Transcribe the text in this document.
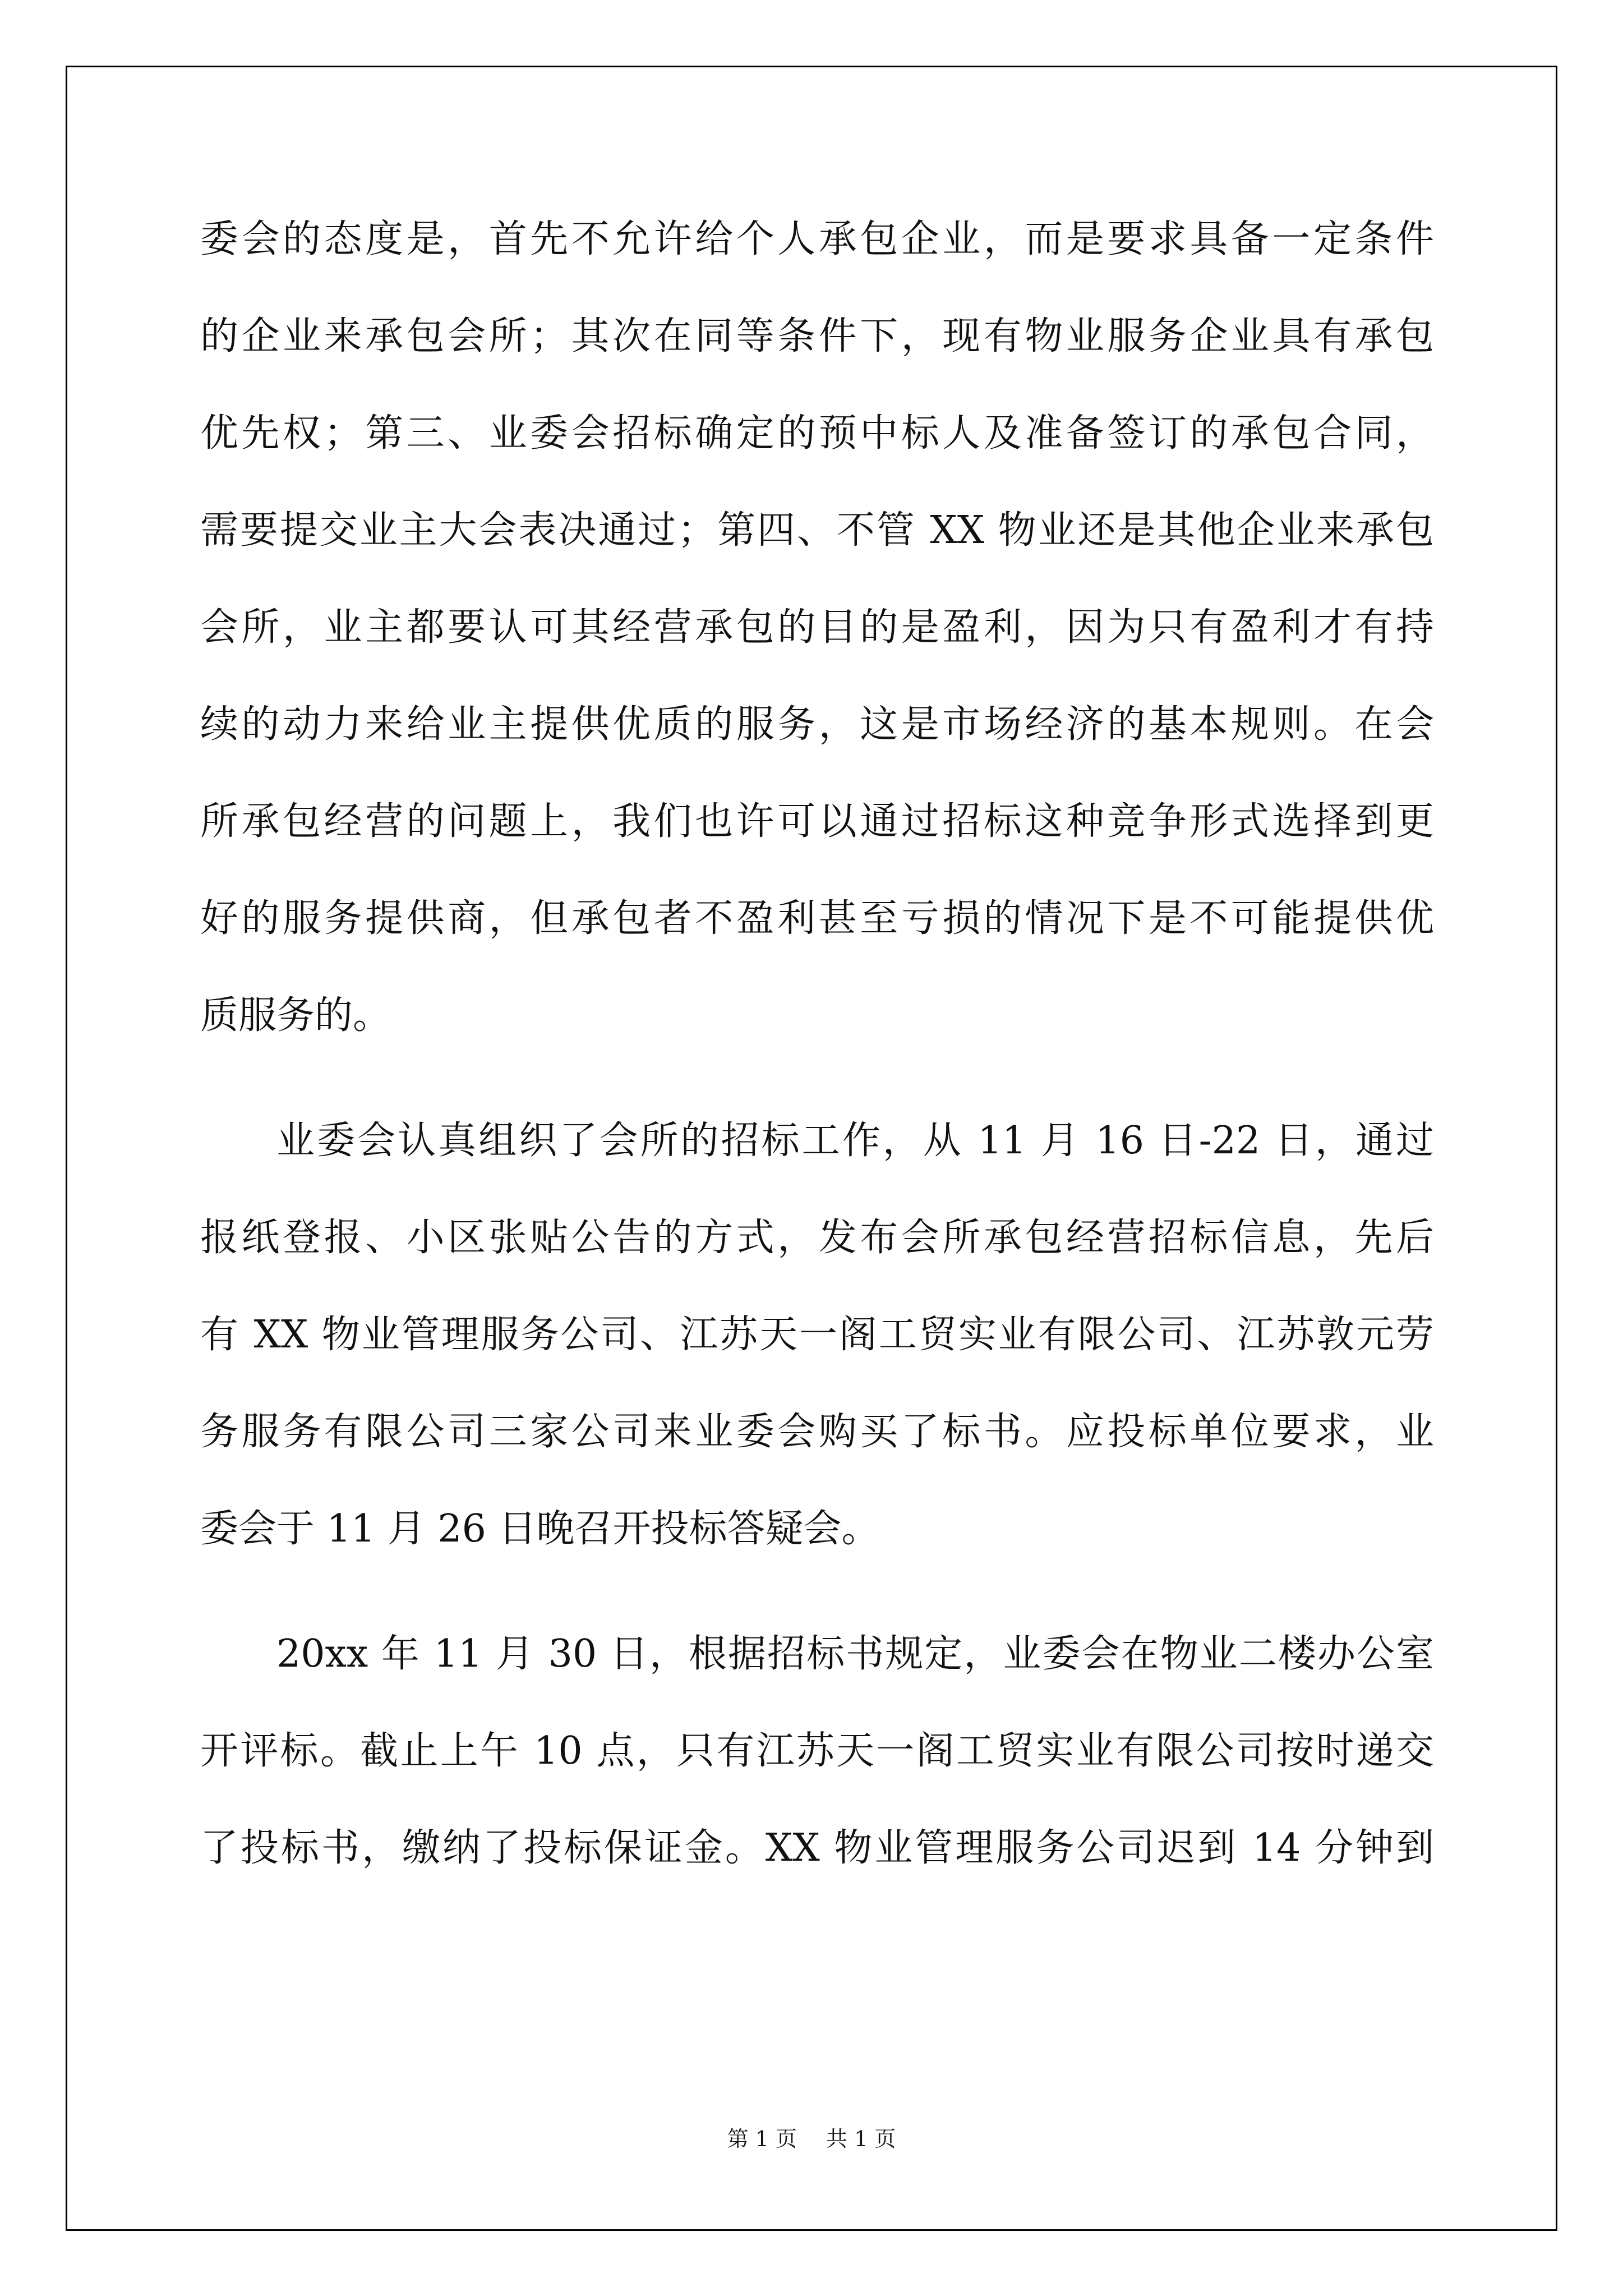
委会的态度是，首先不允许给个人承包企业，而是要求具备一定条件
的企业来承包会所；其次在同等条件下，现有物业服务企业具有承包
优先权；第三、业委会招标确定的预中标人及准备签订的承包合同，
需要提交业主大会表决通过；第四、不管 XX 物业还是其他企业来承包
会所，业主都要认可其经营承包的目的是盈利，因为只有盈利才有持
续的动力来给业主提供优质的服务，这是市场经济的基本规则。在会
所承包经营的问题上，我们也许可以通过招标这种竞争形式选择到更
好的服务提供商，但承包者不盈利甚至亏损的情况下是不可能提供优
质服务的。
业委会认真组织了会所的招标工作，从 11 月 16 日-22 日，通过
报纸登报、小区张贴公告的方式，发布会所承包经营招标信息，先后
有 XX 物业管理服务公司、江苏天一阁工贸实业有限公司、江苏敦元劳
务服务有限公司三家公司来业委会购买了标书。应投标单位要求，业
委会于 11 月 26 日晚召开投标答疑会。
20xx 年 11 月 30 日，根据招标书规定，业委会在物业二楼办公室
开评标。截止上午 10 点，只有江苏天一阁工贸实业有限公司按时递交
了投标书，缴纳了投标保证金。XX 物业管理服务公司迟到 14 分钟到
第 1 页 共 1 页
